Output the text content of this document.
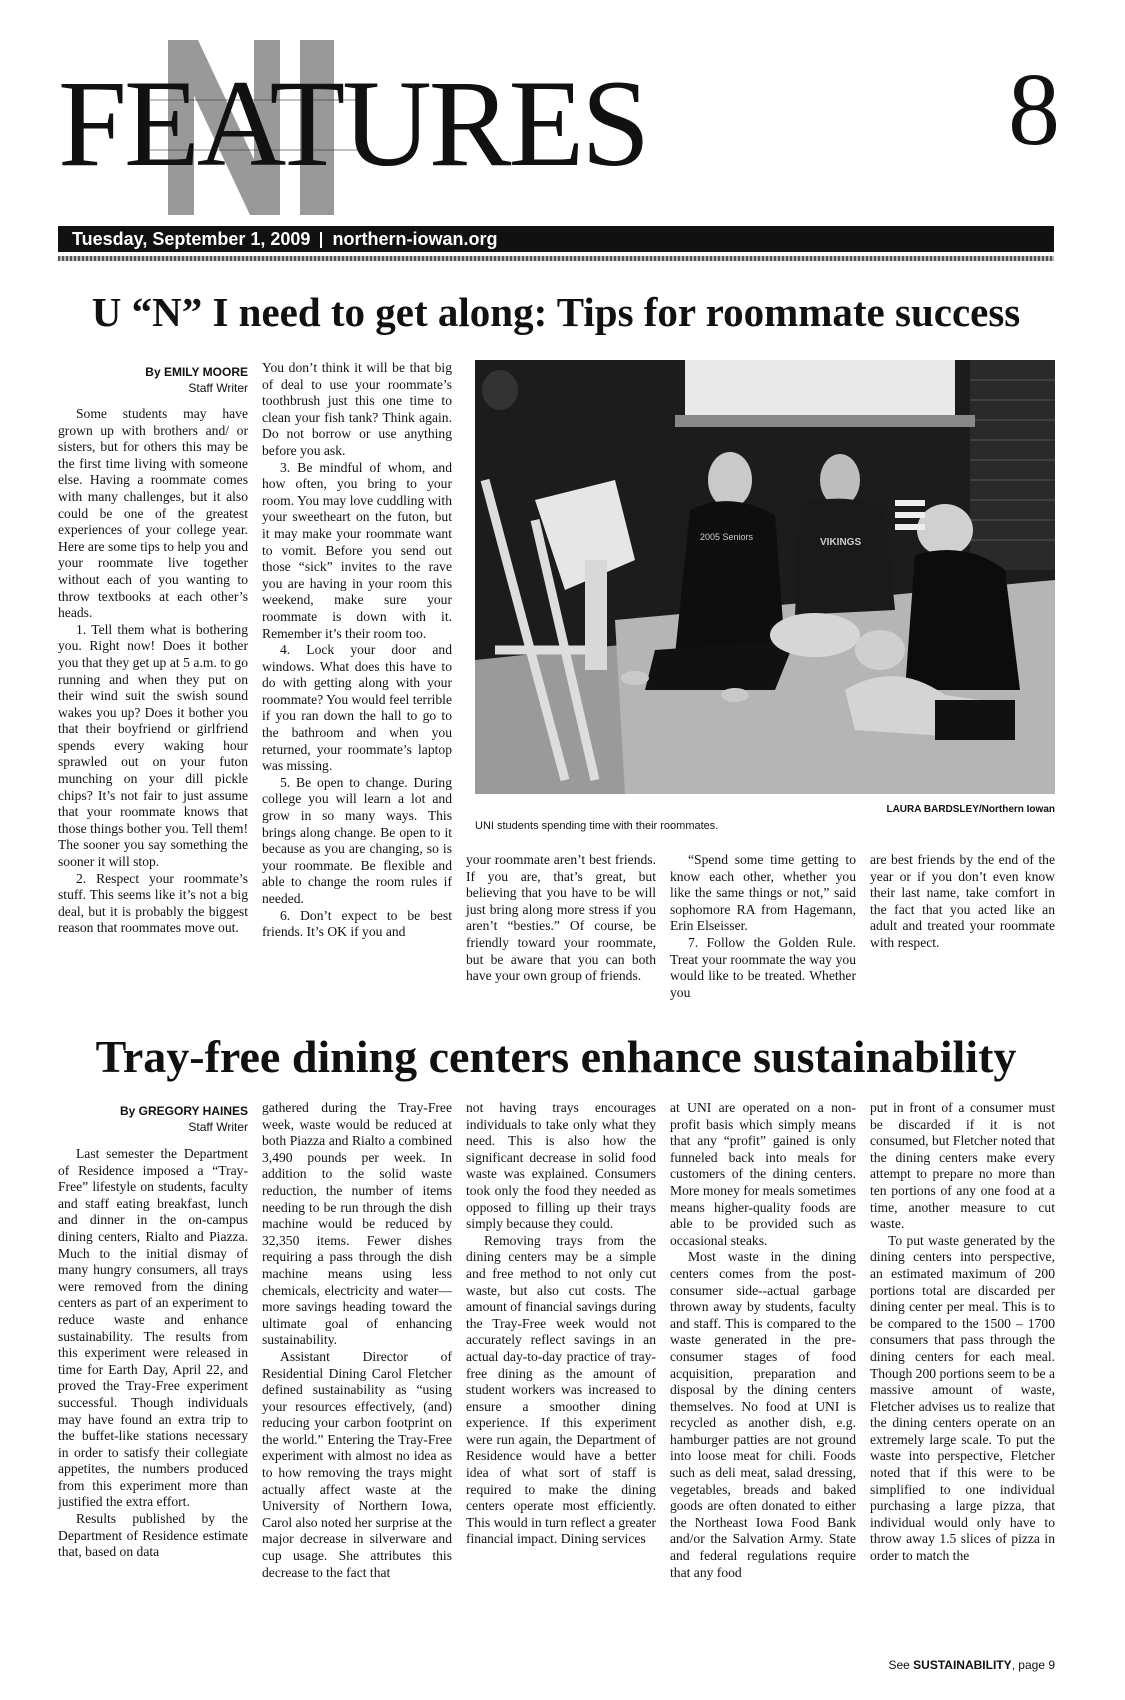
FEATURES	8
Tuesday, September 1, 2009 northern-iowan.org
U “N” I need to get along: Tips for roommate success
By EMILY MOORE
Staff Writer

Some students may have grown up with brothers and/ or sisters, but for others this may be the first time living with someone else. Having a roommate comes with many challenges, but it also could be one of the greatest experiences of your college year. Here are some tips to help you and your roommate live together without each of you wanting to throw textbooks at each other’s heads.

1. Tell them what is bothering you. Right now! Does it bother you that they get up at 5 a.m. to go running and when they put on their wind suit the swish sound wakes you up? Does it bother you that their boyfriend or girlfriend spends every waking hour sprawled out on your futon munching on your dill pickle chips? It’s not fair to just assume that your roommate knows that those things bother you. Tell them! The sooner you say something the sooner it will stop.

2. Respect your roommate’s stuff. This seems like it’s not a big deal, but it is probably the biggest reason that roommates move out.

You don’t think it will be that big of deal to use your roommate’s toothbrush just this one time to clean your fish tank? Think again. Do not borrow or use anything before you ask.

3. Be mindful of whom, and how often, you bring to your room. You may love cuddling with your sweetheart on the futon, but it may make your roommate want to vomit. Before you send out those “sick” invites to the rave you are having in your room this weekend, make sure your roommate is down with it. Remember it’s their room too.

4. Lock your door and windows. What does this have to do with getting along with your roommate? You would feel terrible if you ran down the hall to go to the bathroom and when you returned, your roommate’s laptop was missing.

5. Be open to change. During college you will learn a lot and grow in so many ways. This brings along change. Be open to it because as you are changing, so is your roommate. Be flexible and able to change the room rules if needed.

6. Don’t expect to be best friends. It’s OK if you and

2005 Seniors	VIKINGS
UNI students spending time with their roommates.
LAURA BARDSLEY/Northern Iowan

your roommate aren’t best friends. If you are, that’s great, but believing that you have to be will just bring along more stress if you aren’t “besties.” Of course, be friendly toward your roommate, but be aware that you can both have your own group of friends.

“Spend some time getting to know each other, whether you like the same things or not,” said sophomore RA from Hagemann, Erin Elseisser.

7. Follow the Golden Rule. Treat your roommate the way you would like to be treated. Whether you

are best friends by the end of the year or if you don’t even know their last name, take comfort in the fact that you acted like an adult and treated your roommate with respect.

Tray-free dining centers enhance sustainability
By GREGORY HAINES
Staff Writer

Last semester the Department of Residence imposed a “Tray-Free” lifestyle on students, faculty and staff eating breakfast, lunch and dinner in the on-campus dining centers, Rialto and Piazza. Much to the initial dismay of many hungry consumers, all trays were removed from the dining centers as part of an experiment to reduce waste and enhance sustainability. The results from this experiment were released in time for Earth Day, April 22, and proved the Tray-Free experiment successful. Though individuals may have found an extra trip to the buffet-like stations necessary in order to satisfy their collegiate appetites, the numbers produced from this experiment more than justified the extra effort.

Results published by the Department of Residence estimate that, based on data

gathered during the Tray-Free week, waste would be reduced at both Piazza and Rialto a combined 3,490 pounds per week. In addition to the solid waste reduction, the number of items needing to be run through the dish machine would be reduced by 32,350 items. Fewer dishes requiring a pass through the dish machine means using less chemicals, electricity and water—more savings heading toward the ultimate goal of enhancing sustainability.

Assistant Director of Residential Dining Carol Fletcher defined sustainability as “using your resources effectively, (and) reducing your carbon footprint on the world.” Entering the Tray-Free experiment with almost no idea as to how removing the trays might actually affect waste at the University of Northern Iowa, Carol also noted her surprise at the major decrease in silverware and cup usage. She attributes this decrease to the fact that

not having trays encourages individuals to take only what they need. This is also how the significant decrease in solid food waste was explained. Consumers took only the food they needed as opposed to filling up their trays simply because they could.

Removing trays from the dining centers may be a simple and free method to not only cut waste, but also cut costs. The amount of financial savings during the Tray-Free week would not accurately reflect savings in an actual day-to-day practice of tray-free dining as the amount of student workers was increased to ensure a smoother dining experience. If this experiment were run again, the Department of Residence would have a better idea of what sort of staff is required to make the dining centers operate most efficiently. This would in turn reflect a greater financial impact. Dining services

at UNI are operated on a non-profit basis which simply means that any “profit” gained is only funneled back into meals for customers of the dining centers. More money for meals sometimes means higher-quality foods are able to be provided such as occasional steaks.

Most waste in the dining centers comes from the post-consumer side--actual garbage thrown away by students, faculty and staff. This is compared to the waste generated in the pre-consumer stages of food acquisition, preparation and disposal by the dining centers themselves. No food at UNI is recycled as another dish, e.g. hamburger patties are not ground into loose meat for chili. Foods such as deli meat, salad dressing, vegetables, breads and baked goods are often donated to either the Northeast Iowa Food Bank and/or the Salvation Army. State and federal regulations require that any food

put in front of a consumer must be discarded if it is not consumed, but Fletcher noted that the dining centers make every attempt to prepare no more than ten portions of any one food at a time, another measure to cut waste.

To put waste generated by the dining centers into perspective, an estimated maximum of 200 portions total are discarded per dining center per meal. This is to be compared to the 1500 – 1700 consumers that pass through the dining centers for each meal. Though 200 portions seem to be a massive amount of waste, Fletcher advises us to realize that the dining centers operate on an extremely large scale. To put the waste into perspective, Fletcher noted that if this were to be simplified to one individual purchasing a large pizza, that individual would only have to throw away 1.5 slices of pizza in order to match the

See SUSTAINABILITY, page 9
